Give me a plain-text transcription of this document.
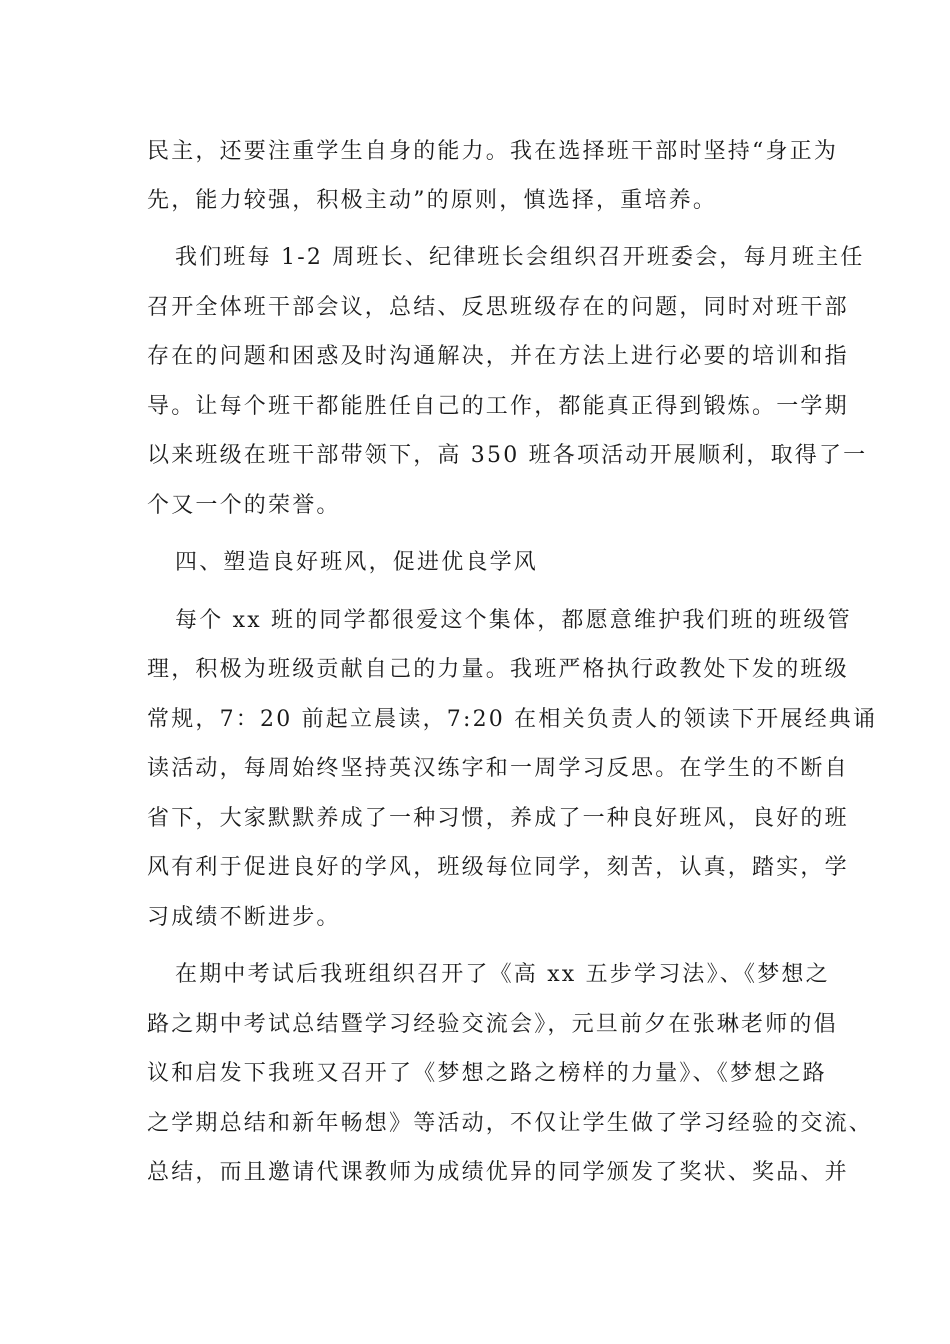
民主，还要注重学生自身的能力。我在选择班干部时坚持“身正为
先，能力较强，积极主动”的原则，慎选择，重培养。
我们班每 1-2 周班长、纪律班长会组织召开班委会，每月班主任
召开全体班干部会议，总结、反思班级存在的问题，同时对班干部
存在的问题和困惑及时沟通解决，并在方法上进行必要的培训和指
导。让每个班干都能胜任自己的工作，都能真正得到锻炼。一学期
以来班级在班干部带领下，高 350 班各项活动开展顺利，取得了一
个又一个的荣誉。
四、塑造良好班风，促进优良学风
每个 xx 班的同学都很爱这个集体，都愿意维护我们班的班级管
理，积极为班级贡献自己的力量。我班严格执行政教处下发的班级
常规，7：20 前起立晨读，7:20 在相关负责人的领读下开展经典诵
读活动，每周始终坚持英汉练字和一周学习反思。在学生的不断自
省下，大家默默养成了一种习惯，养成了一种良好班风，良好的班
风有利于促进良好的学风，班级每位同学，刻苦，认真，踏实，学
习成绩不断进步。
在期中考试后我班组织召开了《高 xx 五步学习法》、《梦想之
路之期中考试总结暨学习经验交流会》，元旦前夕在张琳老师的倡
议和启发下我班又召开了《梦想之路之榜样的力量》、《梦想之路
之学期总结和新年畅想》等活动，不仅让学生做了学习经验的交流、
总结，而且邀请代课教师为成绩优异的同学颁发了奖状、奖品、并
